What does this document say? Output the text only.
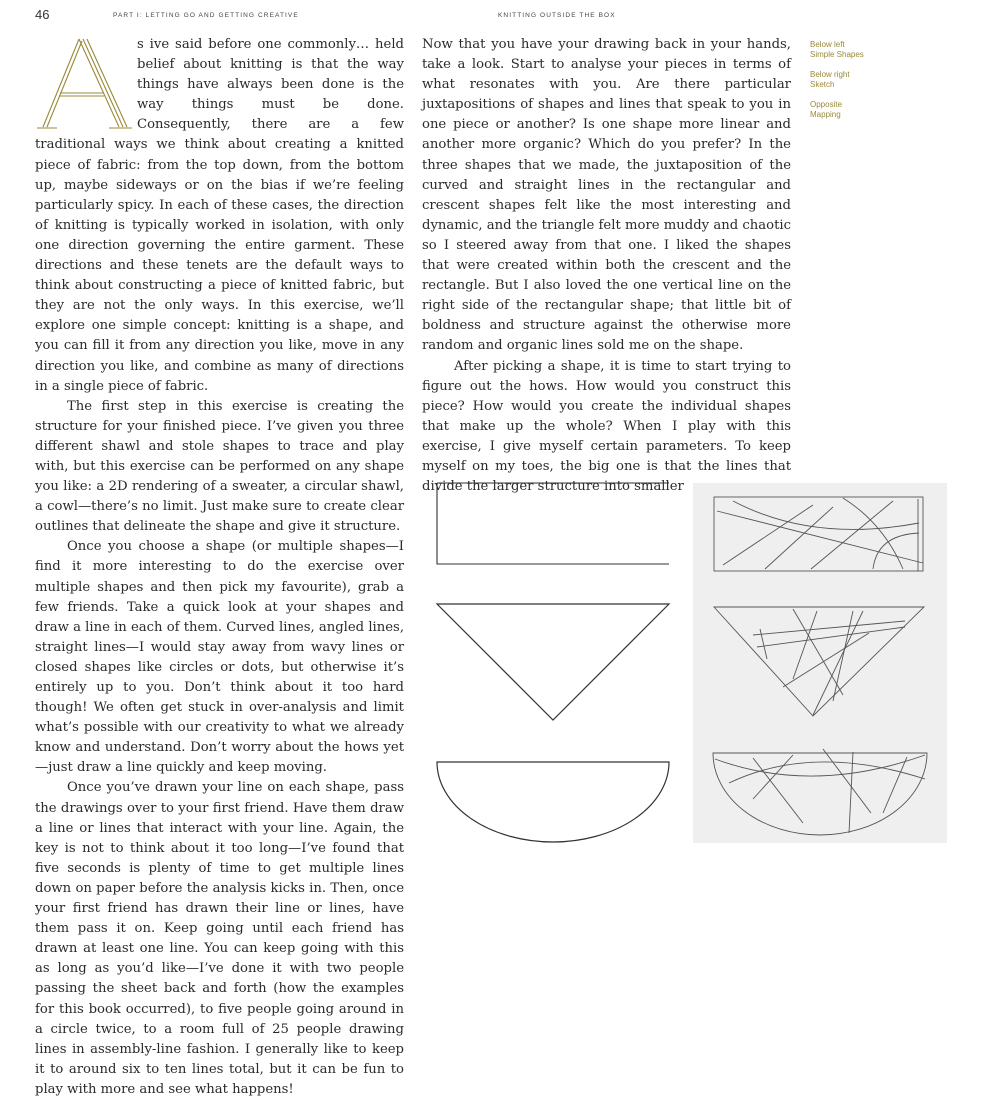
46	PART I: LETTING GO AND GETTING CREATIVE	KNITTING OUTSIDE THE BOX

s ive said before one commonly… held belief about knitting is that the way things have always been done is the way things must be done. Consequently, there are a few traditional ways we think about creating a knitted piece of fabric: from the top down, from the bottom up, maybe sideways or on the bias if we’re feeling particularly spicy. In each of these cases, the direction of knitting is typically worked in isolation, with only one direction governing the entire garment. These directions and these tenets are the default ways to think about constructing a piece of knitted fabric, but they are not the only ways. In this exercise, we’ll explore one simple concept: knitting is a shape, and you can fill it from any direction you like, move in any direction you like, and combine as many of directions in a single piece of fabric.

The first step in this exercise is creating the structure for your finished piece. I’ve given you three different shawl and stole shapes to trace and play with, but this exercise can be performed on any shape you like: a 2D rendering of a sweater, a circular shawl, a cowl—there’s no limit. Just make sure to create clear outlines that delineate the shape and give it structure.

Once you choose a shape (or multiple shapes—I find it more interesting to do the exercise over multiple shapes and then pick my favourite), grab a few friends. Take a quick look at your shapes and draw a line in each of them. Curved lines, angled lines, straight lines—I would stay away from wavy lines or closed shapes like circles or dots, but otherwise it’s entirely up to you. Don’t think about it too hard though! We often get stuck in over-analysis and limit what’s possible with our creativity to what we already know and understand. Don’t worry about the hows yet—just draw a line quickly and keep moving.

Once you’ve drawn your line on each shape, pass the drawings over to your first friend. Have them draw a line or lines that interact with your line. Again, the key is not to think about it too long—I’ve found that five seconds is plenty of time to get multiple lines down on paper before the analysis kicks in. Then, once your first friend has drawn their line or lines, have them pass it on. Keep going until each friend has drawn at least one line. You can keep going with this as long as you’d like—I’ve done it with two people passing the sheet back and forth (how the examples for this book occurred), to five people going around in a circle twice, to a room full of 25 people drawing lines in assembly-line fashion. I generally like to keep it to around six to ten lines total, but it can be fun to play with more and see what happens!

Now that you have your drawing back in your hands, take a look. Start to analyse your pieces in terms of what resonates with you. Are there particular juxtapositions of shapes and lines that speak to you in one piece or another? Is one shape more linear and another more organic? Which do you prefer? In the three shapes that we made, the juxtaposition of the curved and straight lines in the rectangular and crescent shapes felt like the most interesting and dynamic, and the triangle felt more muddy and chaotic so I steered away from that one. I liked the shapes that were created within both the crescent and the rectangle. But I also loved the one vertical line on the right side of the rectangular shape; that little bit of boldness and structure against the otherwise more random and organic lines sold me on the shape.

After picking a shape, it is time to start trying to figure out the hows. How would you construct this piece? How would you create the individual shapes that make up the whole? When I play with this exercise, I give myself certain parameters. To keep myself on my toes, the big one is that the lines that divide the larger structure into smaller

Below left
Simple Shapes
Below right
Sketch
Opposite
Mapping
